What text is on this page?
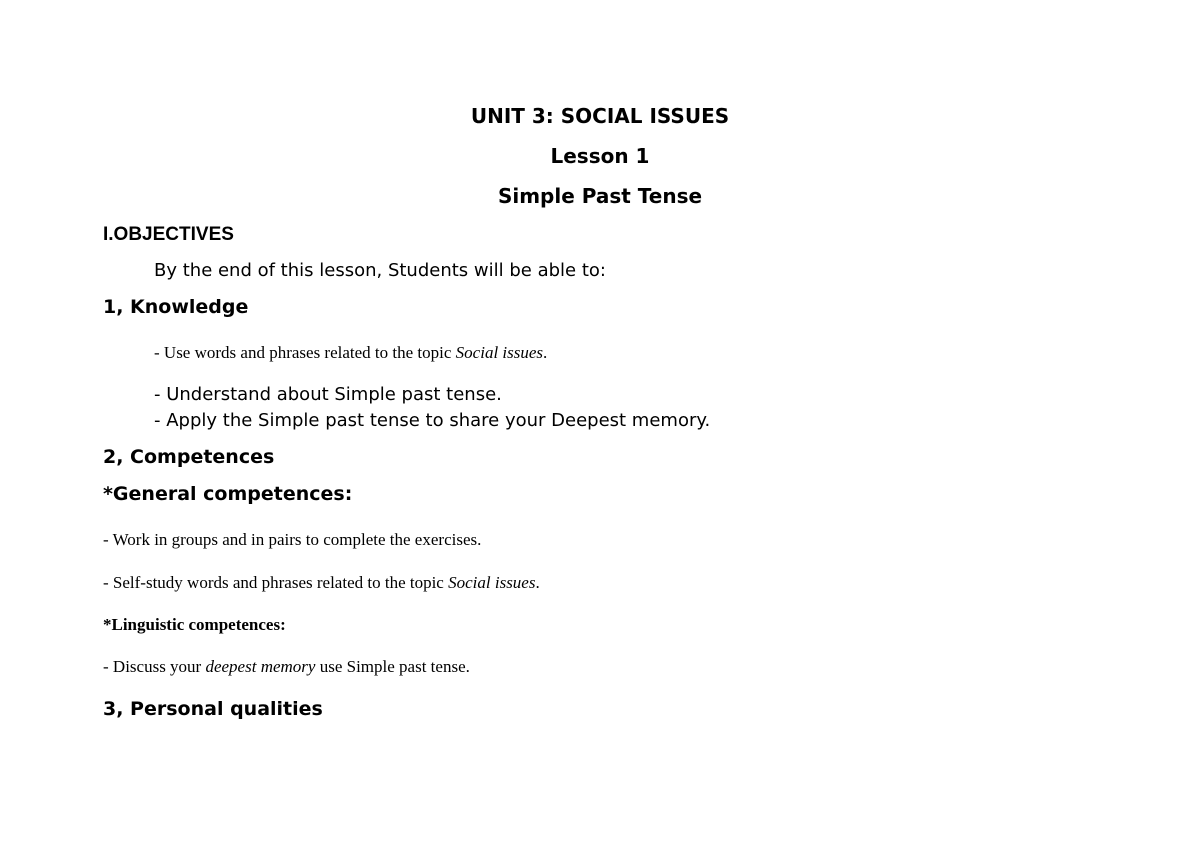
UNIT 3: SOCIAL ISSUES
Lesson 1
Simple Past Tense
I.OBJECTIVES
By the end of this lesson, Students will be able to:
1, Knowledge
- Use words and phrases related to the topic Social issues.
- Understand about Simple past tense.
- Apply the Simple past tense to share your Deepest memory.
2, Competences
*General competences:
- Work in groups and in pairs to complete the exercises.
- Self-study words and phrases related to the topic Social issues.
*Linguistic competences:
- Discuss your deepest memory use Simple past tense.
3, Personal qualities
